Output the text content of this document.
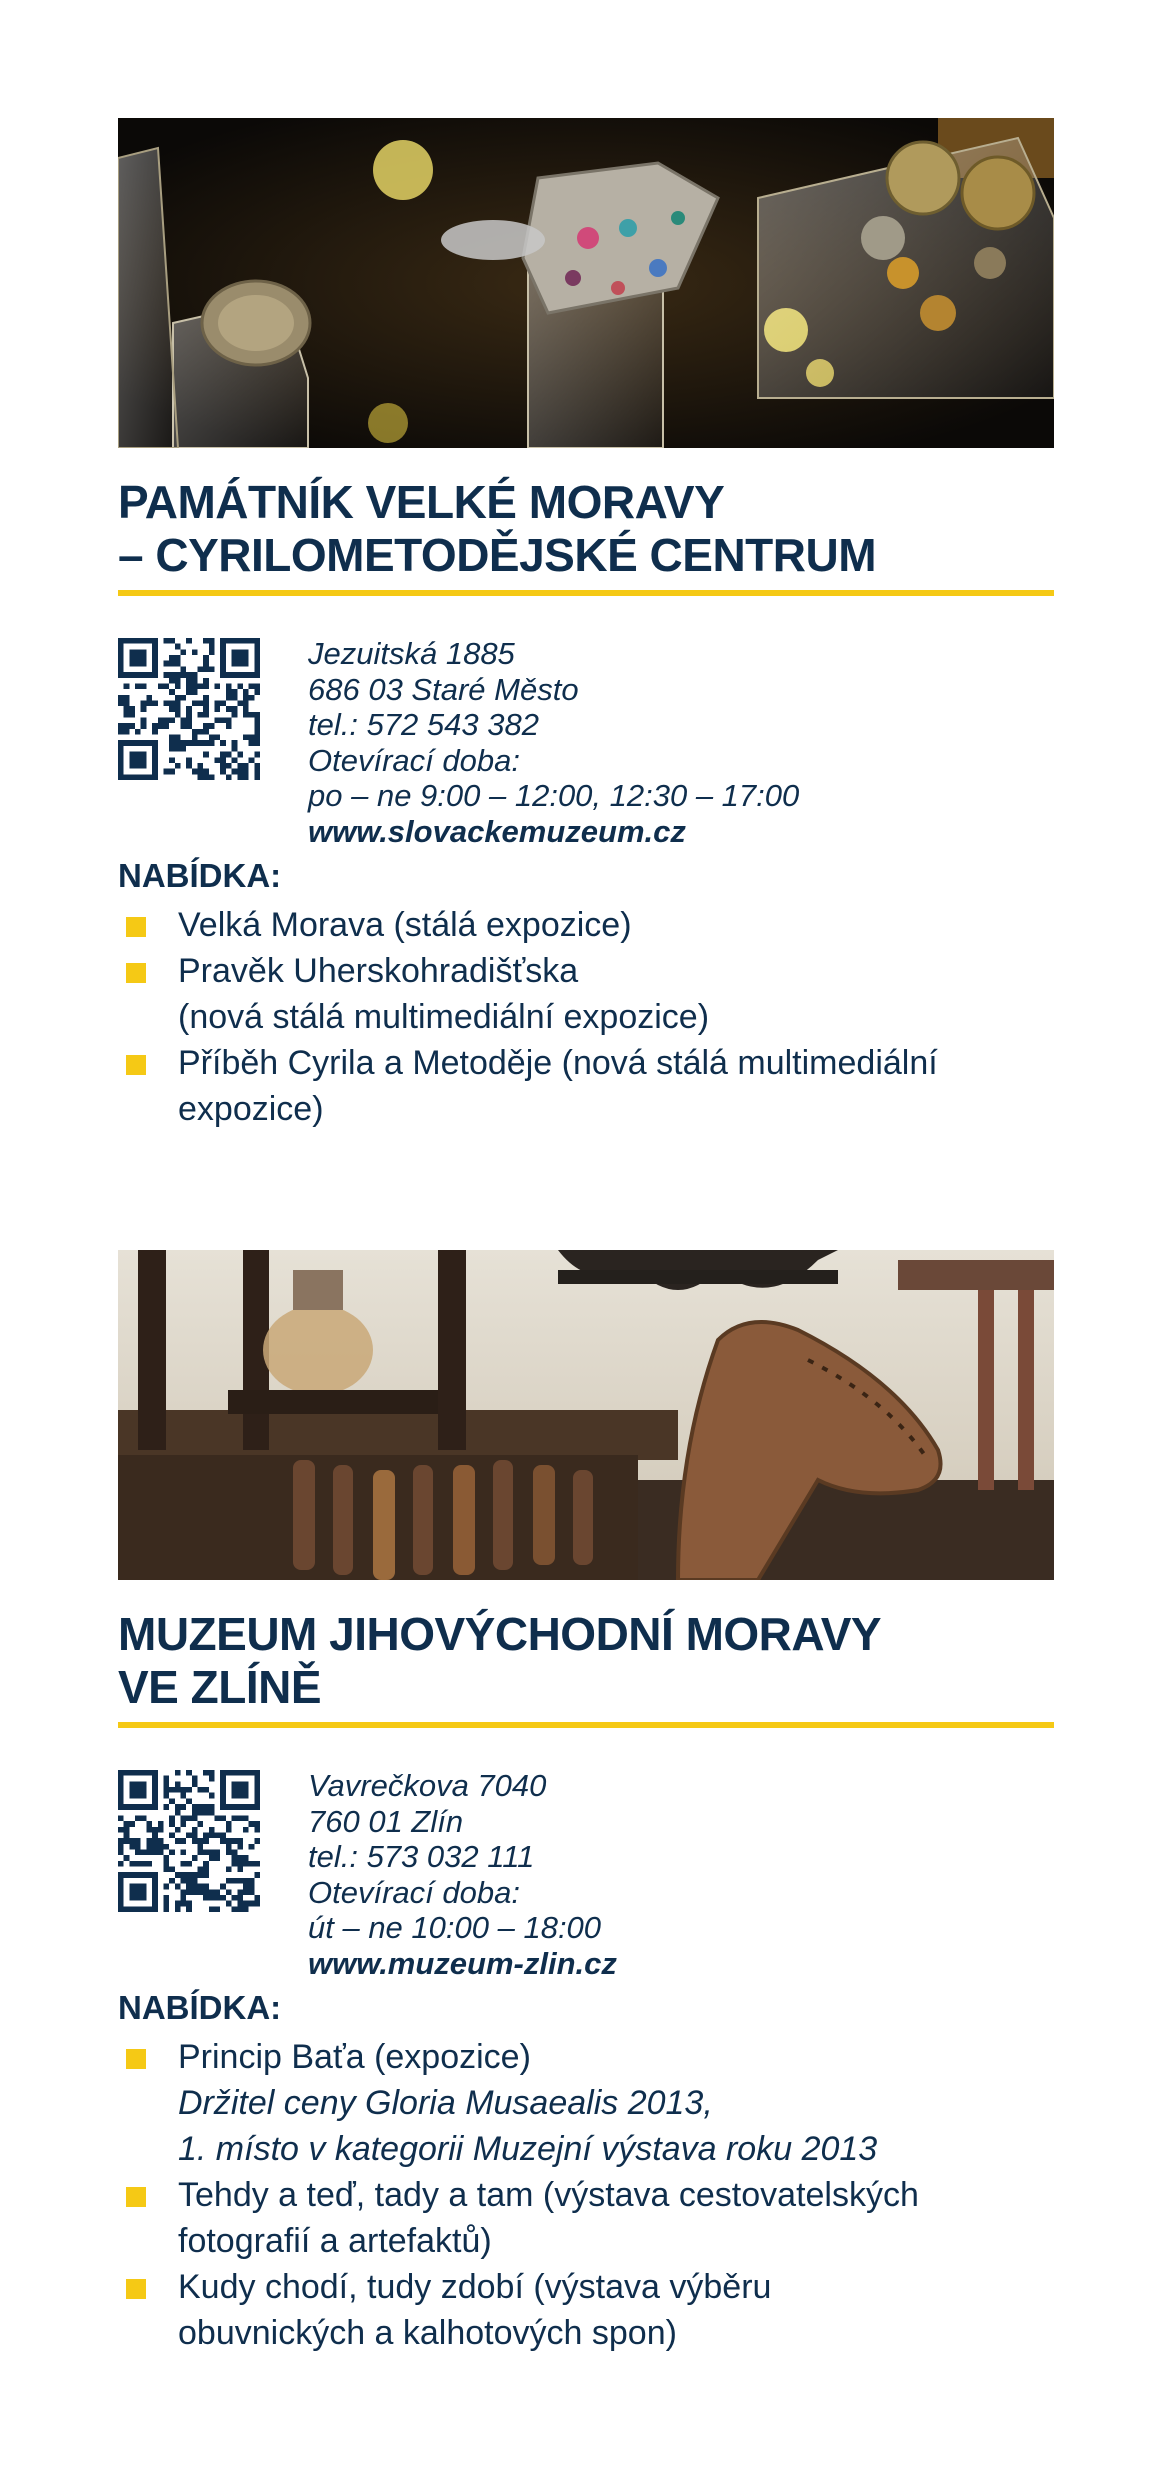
PAMÁTNÍK VELKÉ MORAVY
– CYRILOMETODĚJSKÉ CENTRUM
Jezuitská 1885
686 03 Staré Město
tel.: 572 543 382
Otevírací doba:
po – ne 9:00 – 12:00, 12:30 – 17:00
www.slovackemuzeum.cz
NABÍDKA:
Velká Morava (stálá expozice)
Pravěk Uherskohradišťska
(nová stálá multimediální expozice)
Příběh Cyrila a Metoděje (nová stálá multimediální
expozice)
MUZEUM JIHOVÝCHODNÍ MORAVY
VE ZLÍNĚ
Vavrečkova 7040
760 01 Zlín
tel.: 573 032 111
Otevírací doba:
út – ne 10:00 – 18:00
www.muzeum-zlin.cz
NABÍDKA:
Princip Baťa (expozice)
Držitel ceny Gloria Musaealis 2013,
1. místo v kategorii Muzejní výstava roku 2013
Tehdy a teď, tady a tam (výstava cestovatelských
fotografií a artefaktů)
Kudy chodí, tudy zdobí (výstava výběru
obuvnických a kalhotových spon)
